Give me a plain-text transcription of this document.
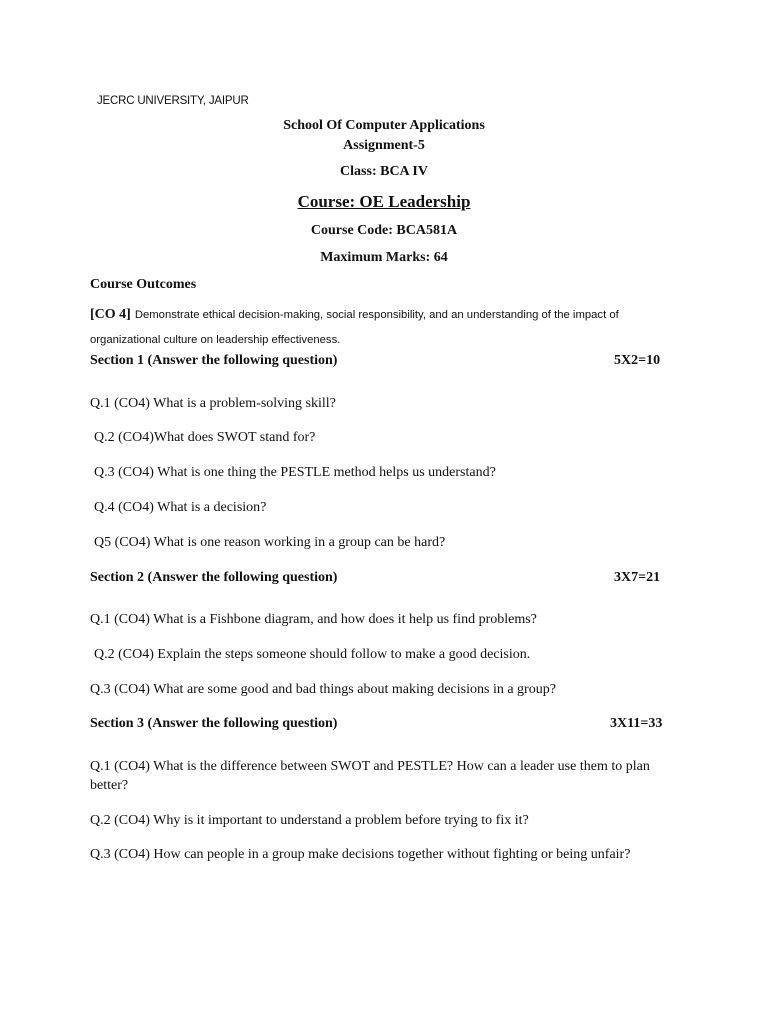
JECRC UNIVERSITY, JAIPUR
School Of Computer Applications
Assignment-5
Class: BCA IV
Course: OE Leadership
Course Code: BCA581A
Maximum Marks: 64
Course Outcomes
[CO 4] Demonstrate ethical decision-making, social responsibility, and an understanding of the impact of organizational culture on leadership effectiveness.
Section 1 (Answer the following question)	5X2=10
Q.1 (CO4) What is a problem-solving skill?
Q.2 (CO4)What does SWOT stand for?
Q.3 (CO4) What is one thing the PESTLE method helps us understand?
Q.4 (CO4) What is a decision?
Q5 (CO4) What is one reason working in a group can be hard?
Section 2 (Answer the following question)	3X7=21
Q.1 (CO4) What is a Fishbone diagram, and how does it help us find problems?
Q.2 (CO4) Explain the steps someone should follow to make a good decision.
Q.3 (CO4) What are some good and bad things about making decisions in a group?
Section 3 (Answer the following question)	3X11=33
Q.1 (CO4) What is the difference between SWOT and PESTLE? How can a leader use them to plan better?
Q.2 (CO4) Why is it important to understand a problem before trying to fix it?
Q.3 (CO4) How can people in a group make decisions together without fighting or being unfair?
